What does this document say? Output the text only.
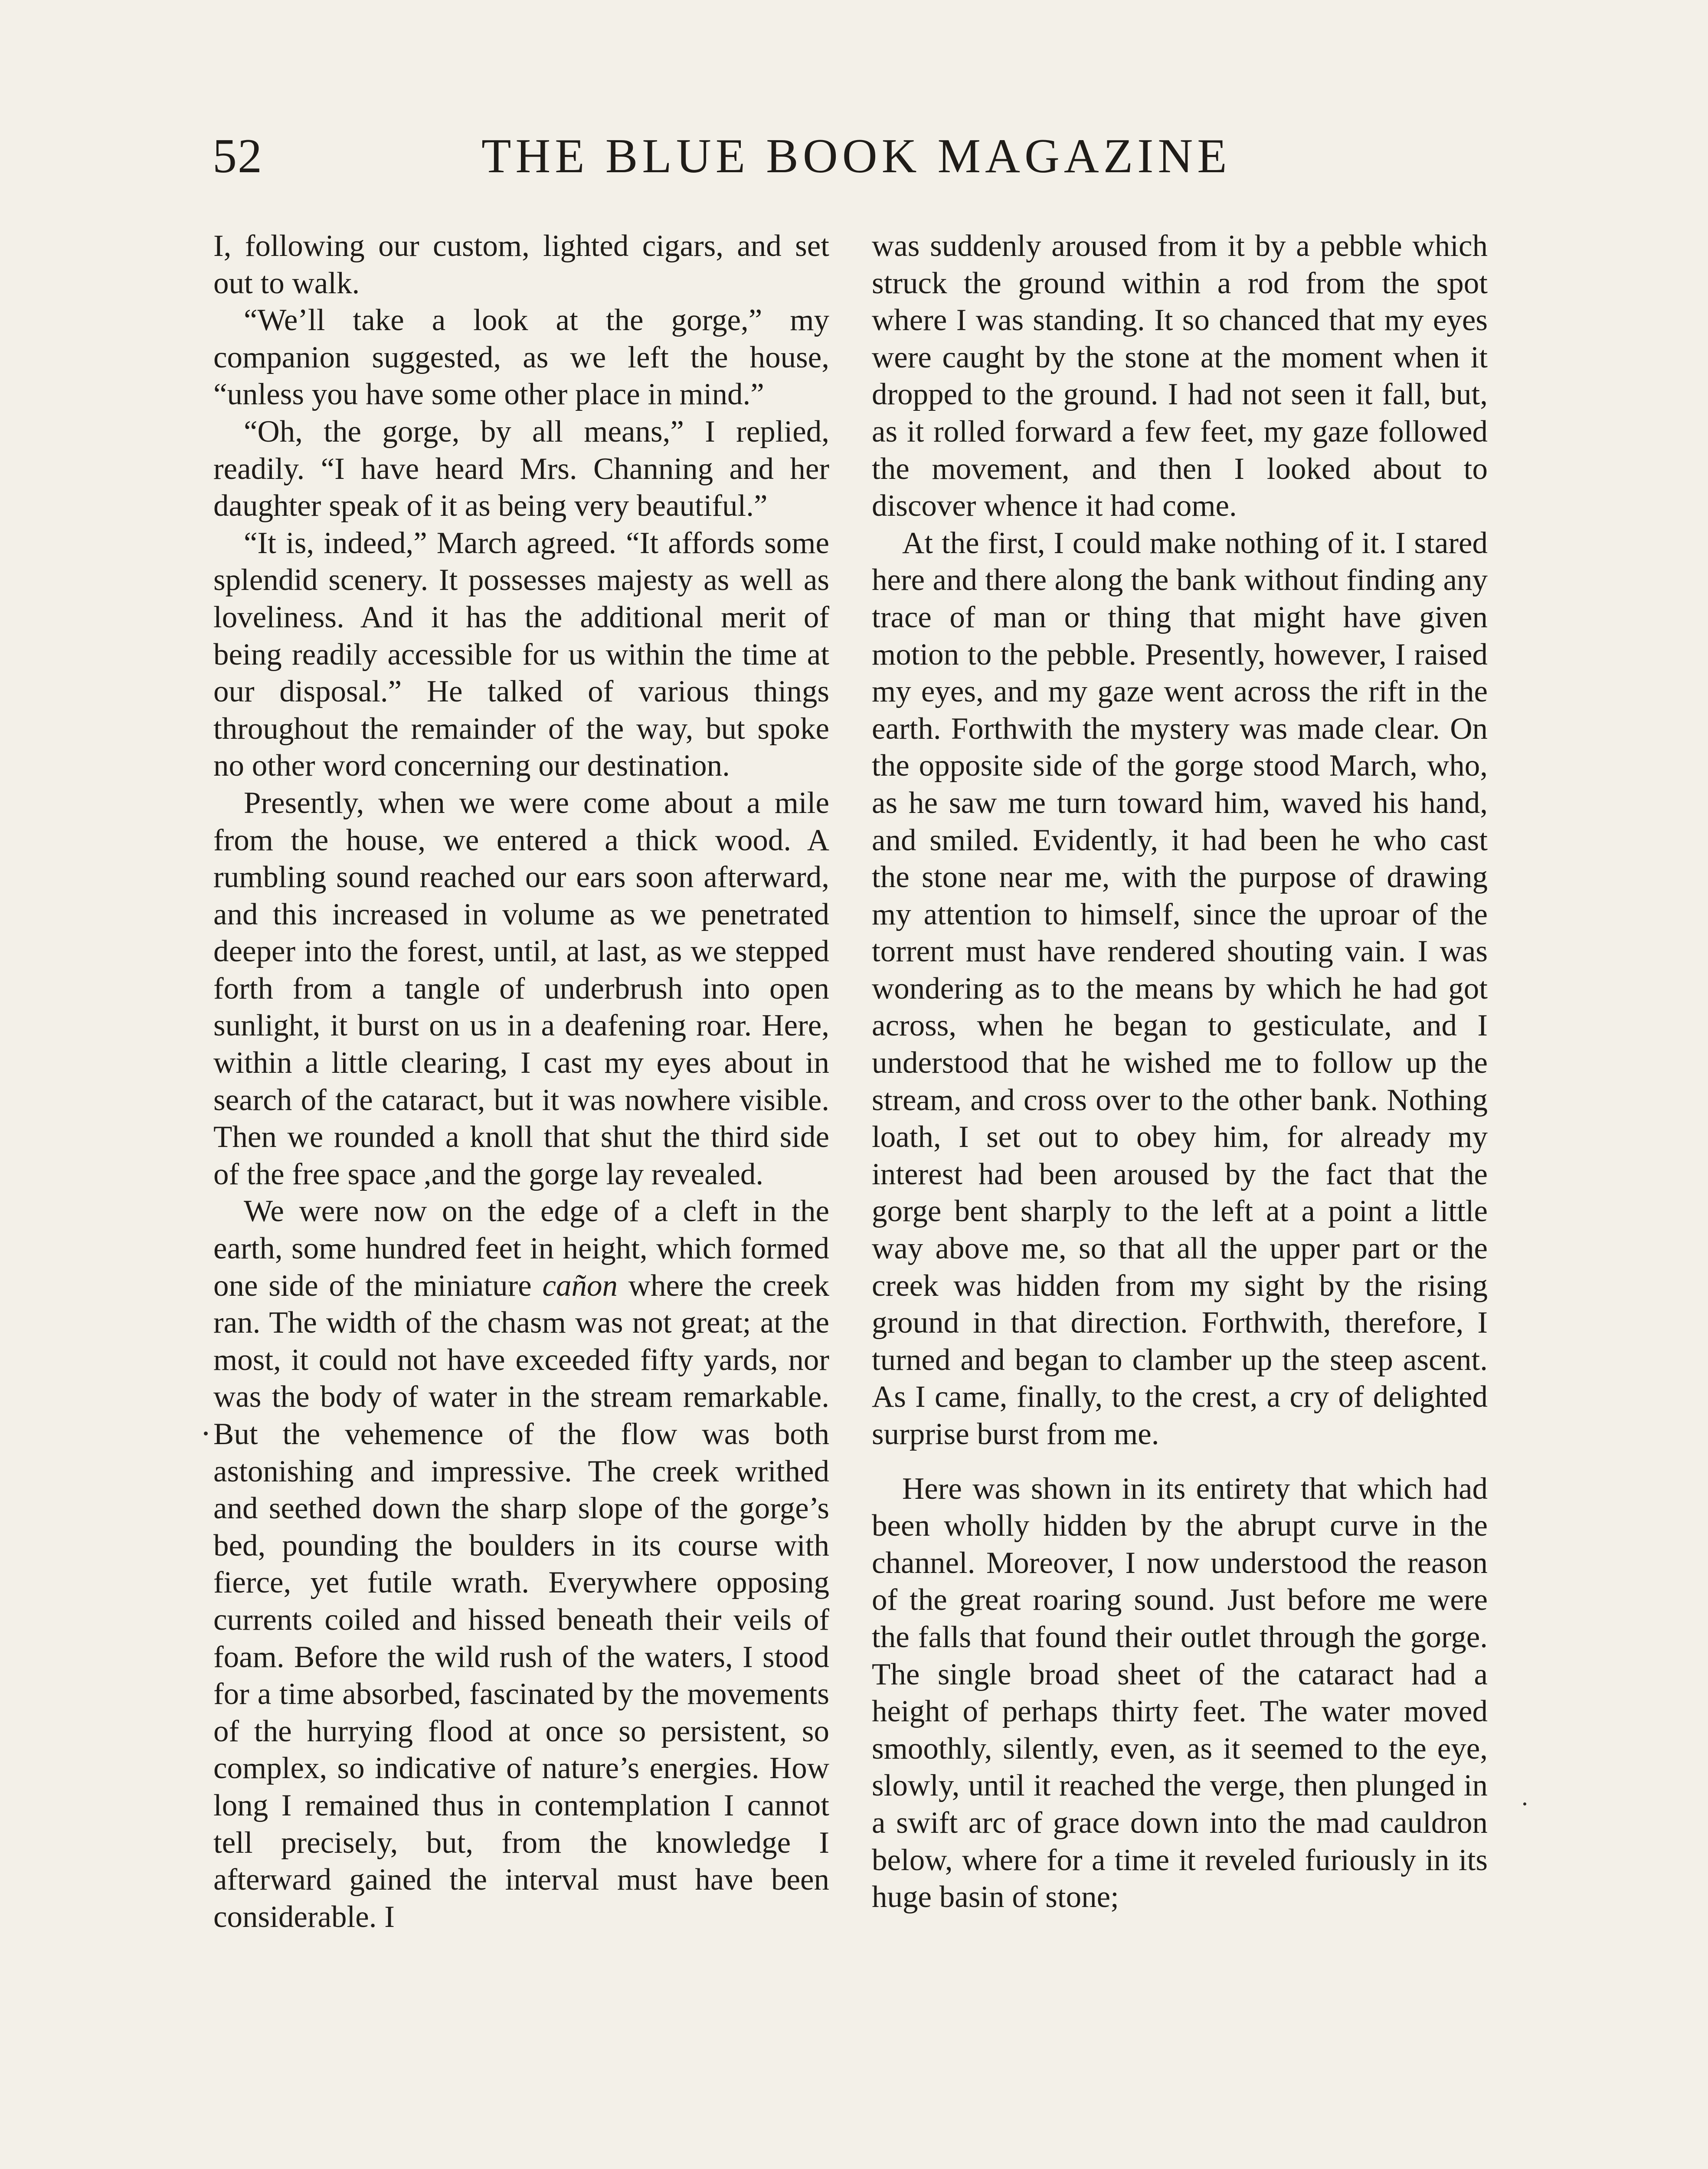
52	THE BLUE BOOK MAGAZINE

I, following our custom, lighted cigars, and set out to walk.

“We’ll take a look at the gorge,” my companion suggested, as we left the house, “unless you have some other place in mind.”

“Oh, the gorge, by all means,” I replied, readily. “I have heard Mrs. Channing and her daughter speak of it as being very beautiful.”

“It is, indeed,” March agreed. “It affords some splendid scenery. It possesses majesty as well as loveliness. And it has the additional merit of being readily accessible for us within the time at our disposal.” He talked of various things throughout the remainder of the way, but spoke no other word concerning our destination.

Presently, when we were come about a mile from the house, we entered a thick wood. A rumbling sound reached our ears soon afterward, and this increased in volume as we penetrated deeper into the forest, until, at last, as we stepped forth from a tangle of underbrush into open sunlight, it burst on us in a deafening roar. Here, within a little clearing, I cast my eyes about in search of the cataract, but it was nowhere visible. Then we rounded a knoll that shut the third side of the free space ,and the gorge lay revealed.

We were now on the edge of a cleft in the earth, some hundred feet in height, which formed one side of the miniature cañon where the creek ran. The width of the chasm was not great; at the most, it could not have exceeded fifty yards, nor was the body of water in the stream remarkable. But the vehemence of the flow was both astonishing and impressive. The creek writhed and seethed down the sharp slope of the gorge’s bed, pounding the boulders in its course with fierce, yet futile wrath. Everywhere opposing currents coiled and hissed beneath their veils of foam. Before the wild rush of the waters, I stood for a time absorbed, fascinated by the movements of the hurrying flood at once so persistent, so complex, so indicative of nature’s energies. How long I remained thus in contemplation I cannot tell precisely, but, from the knowledge I afterward gained the interval must have been considerable. I

was suddenly aroused from it by a pebble which struck the ground within a rod from the spot where I was standing. It so chanced that my eyes were caught by the stone at the moment when it dropped to the ground. I had not seen it fall, but, as it rolled forward a few feet, my gaze followed the movement, and then I looked about to discover whence it had come.

At the first, I could make nothing of it. I stared here and there along the bank without finding any trace of man or thing that might have given motion to the pebble. Presently, however, I raised my eyes, and my gaze went across the rift in the earth. Forthwith the mystery was made clear. On the opposite side of the gorge stood March, who, as he saw me turn toward him, waved his hand, and smiled. Evidently, it had been he who cast the stone near me, with the purpose of drawing my attention to himself, since the uproar of the torrent must have rendered shouting vain. I was wondering as to the means by which he had got across, when he began to gesticulate, and I understood that he wished me to follow up the stream, and cross over to the other bank. Nothing loath, I set out to obey him, for already my interest had been aroused by the fact that the gorge bent sharply to the left at a point a little way above me, so that all the upper part or the creek was hidden from my sight by the rising ground in that direction. Forthwith, therefore, I turned and began to clamber up the steep ascent. As I came, finally, to the crest, a cry of delighted surprise burst from me.

Here was shown in its entirety that which had been wholly hidden by the abrupt curve in the channel. Moreover, I now understood the reason of the great roaring sound. Just before me were the falls that found their outlet through the gorge. The single broad sheet of the cataract had a height of perhaps thirty feet. The water moved smoothly, silently, even, as it seemed to the eye, slowly, until it reached the verge, then plunged in a swift arc of grace down into the mad cauldron below, where for a time it reveled furiously in its huge basin of stone;
